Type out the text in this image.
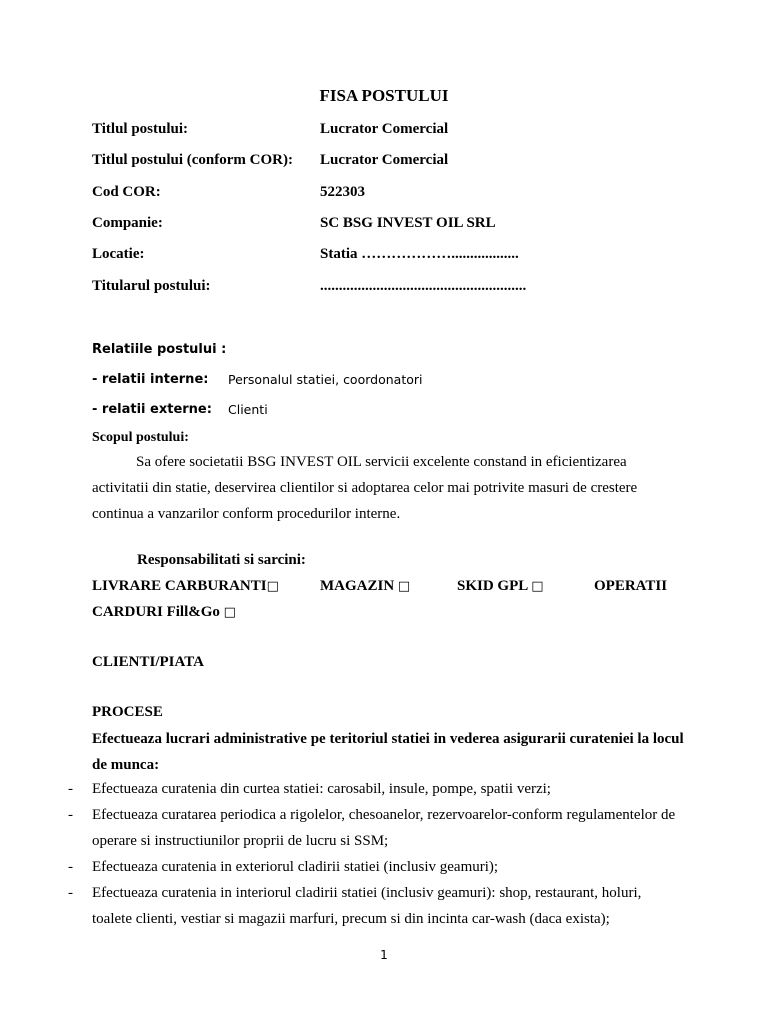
FISA POSTULUI
Titlul postului:	Lucrator Comercial
Titlul postului (conform COR): Lucrator Comercial
Cod COR:	522303
Companie:	SC BSG INVEST OIL SRL
Locatie:	Statia ………………..................
Titularul postului:	.......................................................
Relatiile postului :
- relatii interne: Personalul statiei, coordonatori
- relatii externe: Clienti
Scopul postului:
Sa ofere societatii BSG INVEST OIL servicii excelente constand in eficientizarea activitatii din statie, deservirea clientilor si adoptarea celor mai potrivite masuri de crestere continua a vanzarilor conform procedurilor interne.
Responsabilitati si sarcini:
LIVRARE CARBURANTI□	MAGAZIN □	SKID GPL □	OPERATII
CARDURI Fill&Go □
CLIENTI/PIATA
PROCESE
Efectueaza lucrari administrative pe teritoriul statiei in vederea asigurarii curateniei la locul de munca:
- Efectueaza curatenia din curtea statiei: carosabil, insule, pompe, spatii verzi;
- Efectueaza curatarea periodica a rigolelor, chesoanelor, rezervoarelor-conform regulamentelor de operare si instructiunilor proprii de lucru si SSM;
- Efectueaza curatenia in exteriorul cladirii statiei (inclusiv geamuri);
- Efectueaza curatenia in interiorul cladirii statiei (inclusiv geamuri): shop, restaurant, holuri, toalete clienti, vestiar si magazii marfuri, precum si din incinta car-wash (daca exista);
1
